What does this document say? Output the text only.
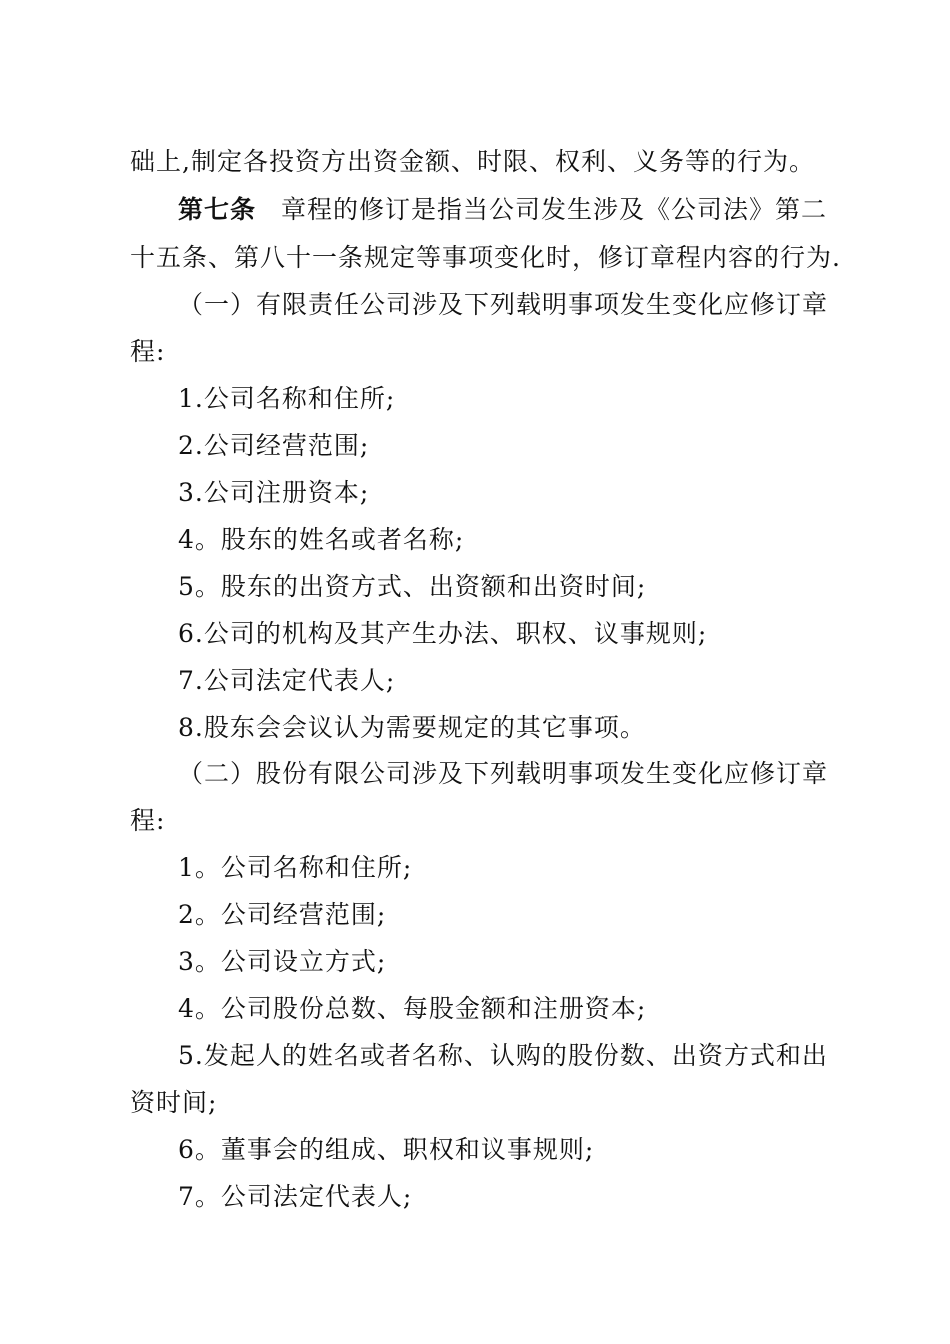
础上,制定各投资方出资金额、时限、权利、义务等的行为。
第七条 章程的修订是指当公司发生涉及《公司法》第二
十五条、第八十一条规定等事项变化时，修订章程内容的行为.
（一）有限责任公司涉及下列载明事项发生变化应修订章
程:
1.公司名称和住所;
2.公司经营范围;
3.公司注册资本;
4。股东的姓名或者名称;
5。股东的出资方式、出资额和出资时间;
6.公司的机构及其产生办法、职权、议事规则;
7.公司法定代表人;
8.股东会会议认为需要规定的其它事项。
（二）股份有限公司涉及下列载明事项发生变化应修订章
程:
1。公司名称和住所;
2。公司经营范围;
3。公司设立方式;
4。公司股份总数、每股金额和注册资本;
5.发起人的姓名或者名称、认购的股份数、出资方式和出
资时间;
6。董事会的组成、职权和议事规则;
7。公司法定代表人;
